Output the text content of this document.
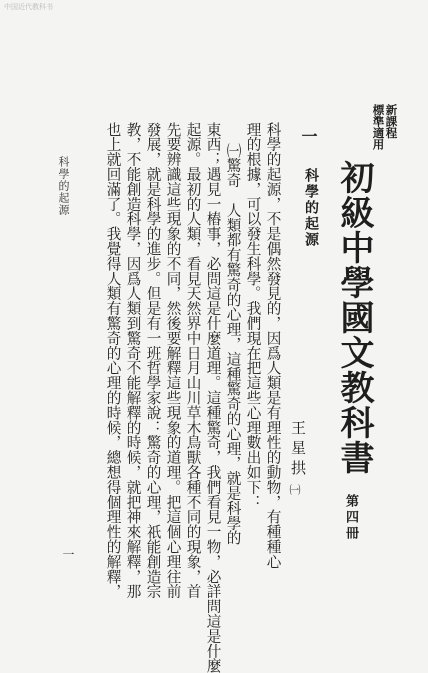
中国近代教科书
新課程
標準適用
初級中學國文教科書
第四冊
王星拱
㈠
一
科學的起源
科學的起源，不是偶然發見的，因爲人類是有理性的動物，有種種心
理的根據，可以發生科學。我們現在把這些心理數出如下：
㈠驚奇　人類都有驚奇的心理，這種驚奇的心理，就是科學的
東西；遇見一樁事，必問這是什麼道理。這種驚奇，我們看見一物，必詳問這是什麼
起源。最初的人類，看見天然界中日月山川草木鳥獸各種不同的現象，首
先要辨識這些現象的不同，然後要解釋這些現象的道理。把這個心理往前
發展，就是科學的進步。但是有一班哲學家說：驚奇的心理，祇能創造宗
教，不能創造科學，因爲人類到驚奇不能解釋的時候，就把神來解釋，那
也上就回滿了。我覺得人類有驚奇的心理的時候，總想得個理性的解釋，
科學的起源
一
